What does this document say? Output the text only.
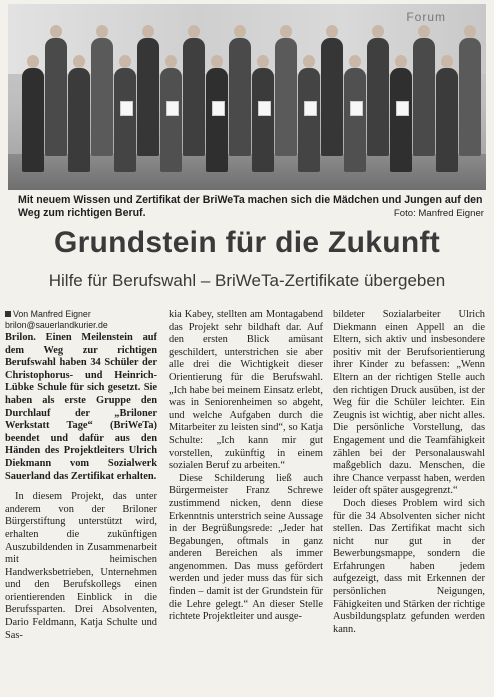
Forum
Mit neuem Wissen und Zertifikat der BriWeTa machen sich die Mädchen und Jungen auf den Weg zum richtigen Beruf.	Foto: Manfred Eigner
Grundstein für die Zukunft
Hilfe für Berufswahl – BriWeTa-Zertifikate übergeben
Von Manfred Eigner
brilon@sauerlandkurier.de

Brilon. Einen Meilenstein auf dem Weg zur richtigen Berufswahl haben 34 Schüler der Christophorus- und Heinrich-Lübke Schule für sich gesetzt. Sie haben als erste Gruppe den Durchlauf der „Briloner Werkstatt Tage“ (BriWeTa) beendet und dafür aus den Händen des Projektleiters Ulrich Diekmann vom Sozialwerk Sauerland das Zertifikat erhalten.

In diesem Projekt, das unter anderem von der Briloner Bürgerstiftung unterstützt wird, erhalten die zukünftigen Auszubildenden in Zusammenarbeit mit heimischen Handwerksbetrieben, Unternehmen und den Berufskollegs einen orientierenden Einblick in die Berufssparten. Drei Absolventen, Dario Feldmann, Katja Schulte und Sas-

kia Kabey, stellten am Montagabend das Projekt sehr bildhaft dar. Auf den ersten Blick amüsant geschildert, unterstrichen sie aber alle drei die Wichtigkeit dieser Orientierung für die Berufswahl. „Ich habe bei meinem Einsatz erlebt, was in Seniorenheimen so abgeht, und welche Aufgaben durch die Mitarbeiter zu leisten sind“, so Katja Schulte: „Ich kann mir gut vorstellen, zukünftig in einem sozialen Beruf zu arbeiten.“

Diese Schilderung ließ auch Bürgermeister Franz Schrewe zustimmend nicken, denn diese Erkenntnis unterstrich seine Aussage in der Begrüßungsrede: „Jeder hat Begabungen, oftmals in ganz anderen Bereichen als immer angenommen. Das muss gefördert werden und jeder muss das für sich finden – damit ist der Grundstein für die Lehre gelegt.“ An dieser Stelle richtete Projektleiter und ausge-

bildeter Sozialarbeiter Ulrich Diekmann einen Appell an die Eltern, sich aktiv und insbesondere positiv mit der Berufsorientierung ihrer Kinder zu befassen: „Wenn Eltern an der richtigen Stelle auch den richtigen Druck ausüben, ist der Weg für die Schüler leichter. Ein Zeugnis ist wichtig, aber nicht alles. Die persönliche Vorstellung, das Engagement und die Teamfähigkeit zählen bei der Personalauswahl maßgeblich dazu. Menschen, die ihre Chance verpasst haben, werden leider oft später ausgegrenzt.“

Doch dieses Problem wird sich für die 34 Absolventen sicher nicht stellen. Das Zertifikat macht sich nicht nur gut in der Bewerbungsmappe, sondern die Erfahrungen haben jedem aufgezeigt, dass mit Erkennen der persönlichen Neigungen, Fähigkeiten und Stärken der richtige Ausbildungsplatz gefunden werden kann.
